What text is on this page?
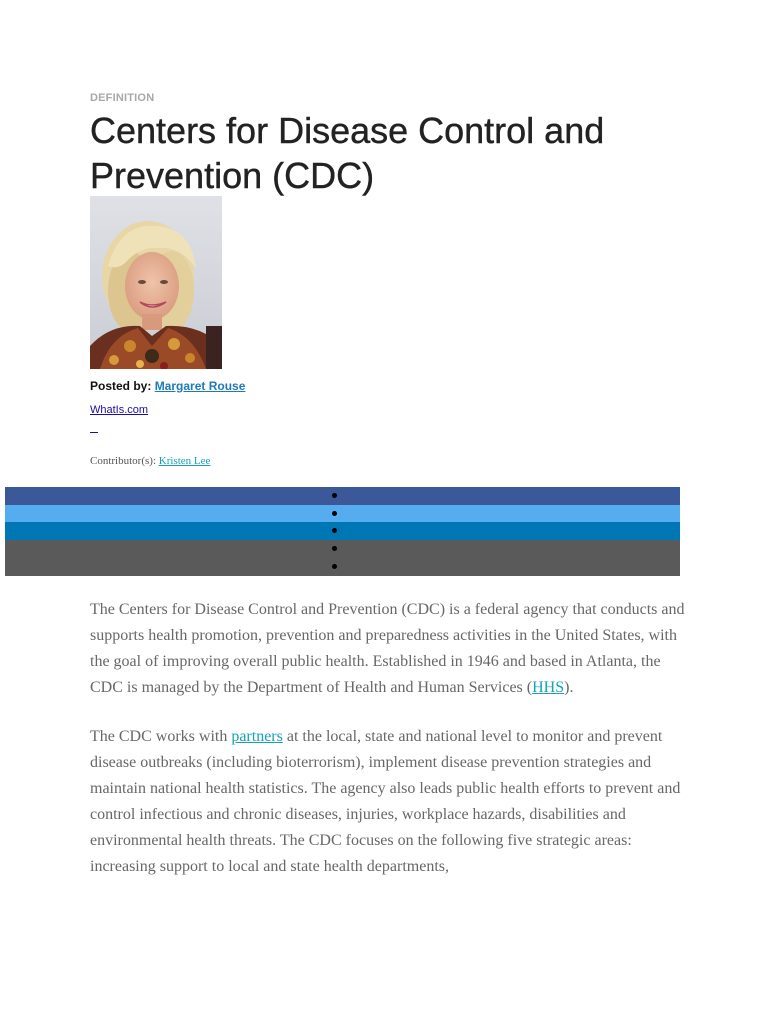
DEFINITION
Centers for Disease Control and Prevention (CDC)
Posted by: Margaret Rouse
WhatIs.com
Contributor(s): Kristen Lee

The Centers for Disease Control and Prevention (CDC) is a federal agency that conducts and supports health promotion, prevention and preparedness activities in the United States, with the goal of improving overall public health. Established in 1946 and based in Atlanta, the CDC is managed by the Department of Health and Human Services (HHS).

The CDC works with partners at the local, state and national level to monitor and prevent disease outbreaks (including bioterrorism), implement disease prevention strategies and maintain national health statistics. The agency also leads public health efforts to prevent and control infectious and chronic diseases, injuries, workplace hazards, disabilities and environmental health threats. The CDC focuses on the following five strategic areas: increasing support to local and state health departments,
